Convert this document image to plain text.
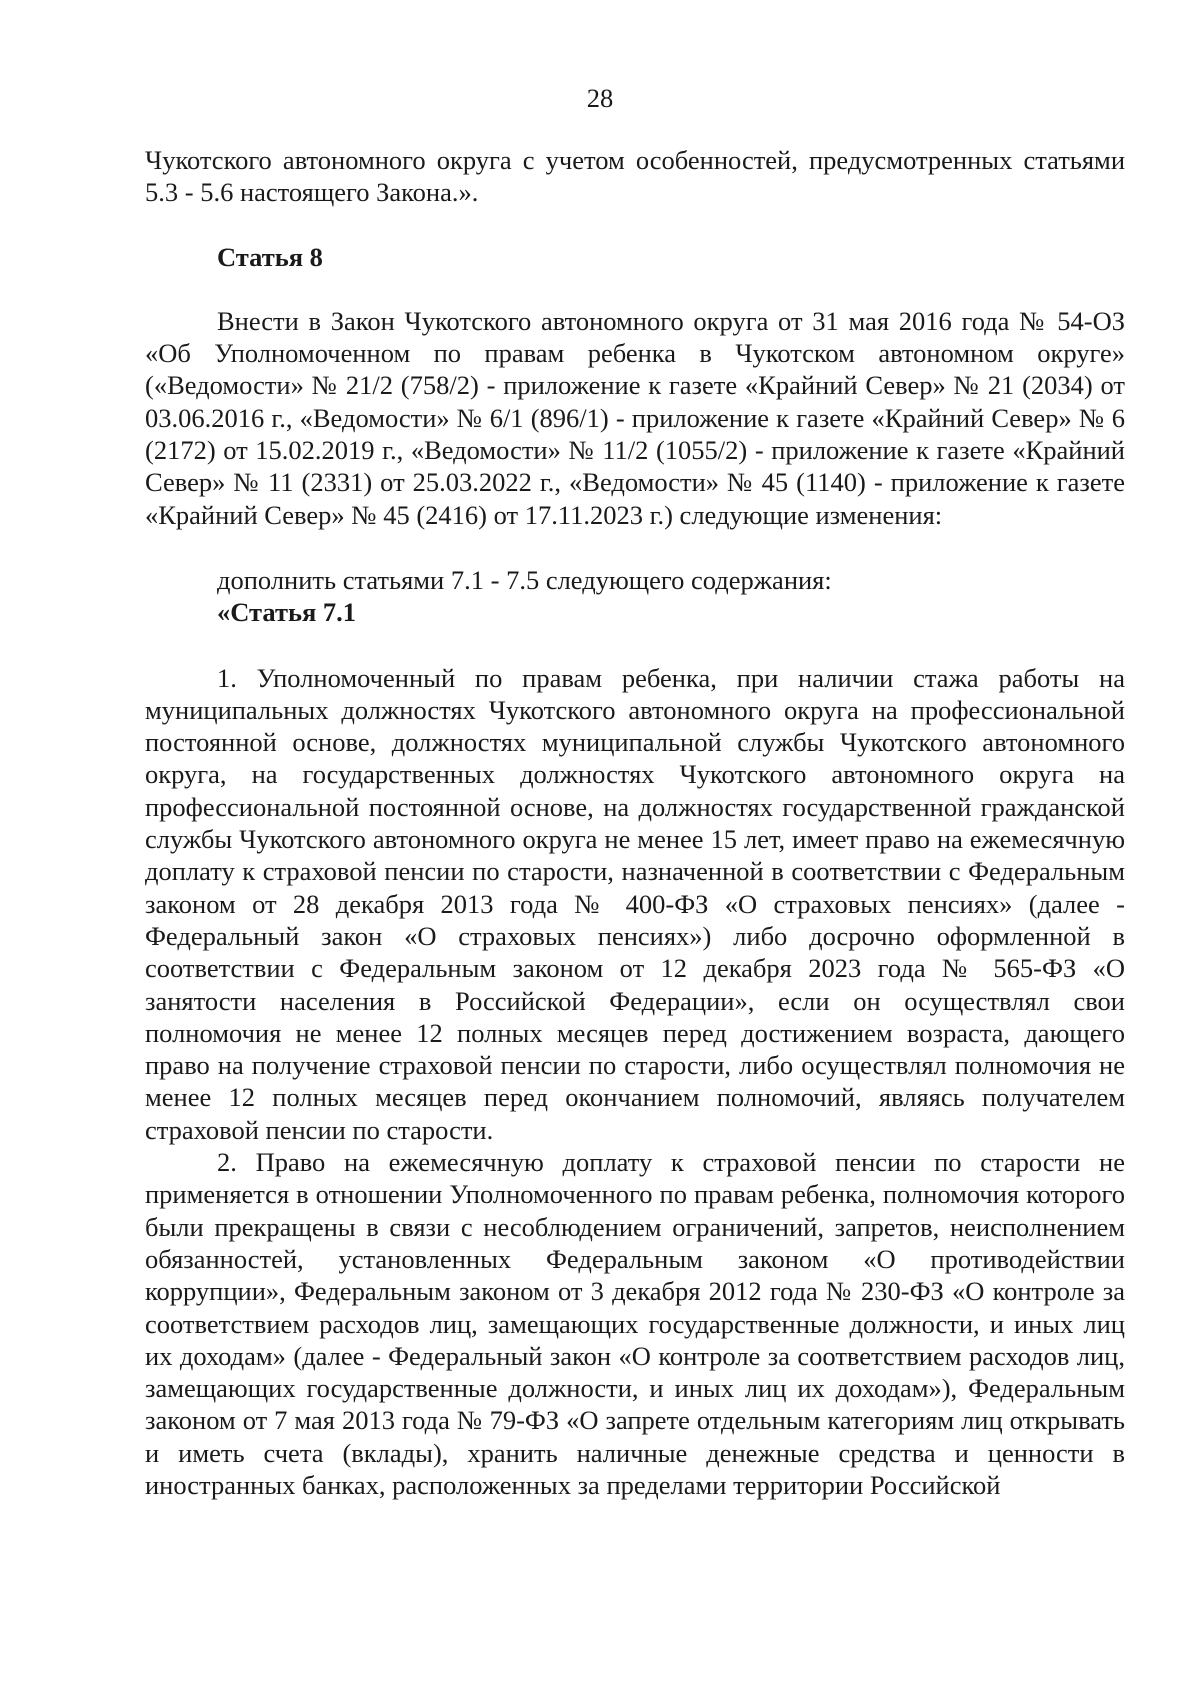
28

Чукотского автономного округа с учетом особенностей, предусмотренных статьями 5.3 - 5.6 настоящего Закона.».

Статья 8

Внести в Закон Чукотского автономного округа от 31 мая 2016 года № 54-ОЗ «Об Уполномоченном по правам ребенка в Чукотском автономном округе» («Ведомости» № 21/2 (758/2) - приложение к газете «Крайний Север» № 21 (2034) от 03.06.2016 г., «Ведомости» № 6/1 (896/1) - приложение к газете «Крайний Север» № 6 (2172) от 15.02.2019 г., «Ведомости» № 11/2 (1055/2) - приложение к газете «Крайний Север» № 11 (2331) от 25.03.2022 г., «Ведомости» № 45 (1140) - приложение к газете «Крайний Север» № 45 (2416) от 17.11.2023 г.) следующие изменения:

дополнить статьями 7.1 - 7.5 следующего содержания:

«Статья 7.1

1. Уполномоченный по правам ребенка, при наличии стажа работы на муниципальных должностях Чукотского автономного округа на профессиональной постоянной основе, должностях муниципальной службы Чукотского автономного округа, на государственных должностях Чукотского автономного округа на профессиональной постоянной основе, на должностях государственной гражданской службы Чукотского автономного округа не менее 15 лет, имеет право на ежемесячную доплату к страховой пенсии по старости, назначенной в соответствии с Федеральным законом от 28 декабря 2013 года № 400-ФЗ «О страховых пенсиях» (далее - Федеральный закон «О страховых пенсиях») либо досрочно оформленной в соответствии с Федеральным законом от 12 декабря 2023 года № 565-ФЗ «О занятости населения в Российской Федерации», если он осуществлял свои полномочия не менее 12 полных месяцев перед достижением возраста, дающего право на получение страховой пенсии по старости, либо осуществлял полномочия не менее 12 полных месяцев перед окончанием полномочий, являясь получателем страховой пенсии по старости.

2. Право на ежемесячную доплату к страховой пенсии по старости не применяется в отношении Уполномоченного по правам ребенка, полномочия которого были прекращены в связи с несоблюдением ограничений, запретов, неисполнением обязанностей, установленных Федеральным законом «О противодействии коррупции», Федеральным законом от 3 декабря 2012 года № 230-ФЗ «О контроле за соответствием расходов лиц, замещающих государственные должности, и иных лиц их доходам» (далее - Федеральный закон «О контроле за соответствием расходов лиц, замещающих государственные должности, и иных лиц их доходам»), Федеральным законом от 7 мая 2013 года № 79-ФЗ «О запрете отдельным категориям лиц открывать и иметь счета (вклады), хранить наличные денежные средства и ценности в иностранных банках, расположенных за пределами территории Российской
